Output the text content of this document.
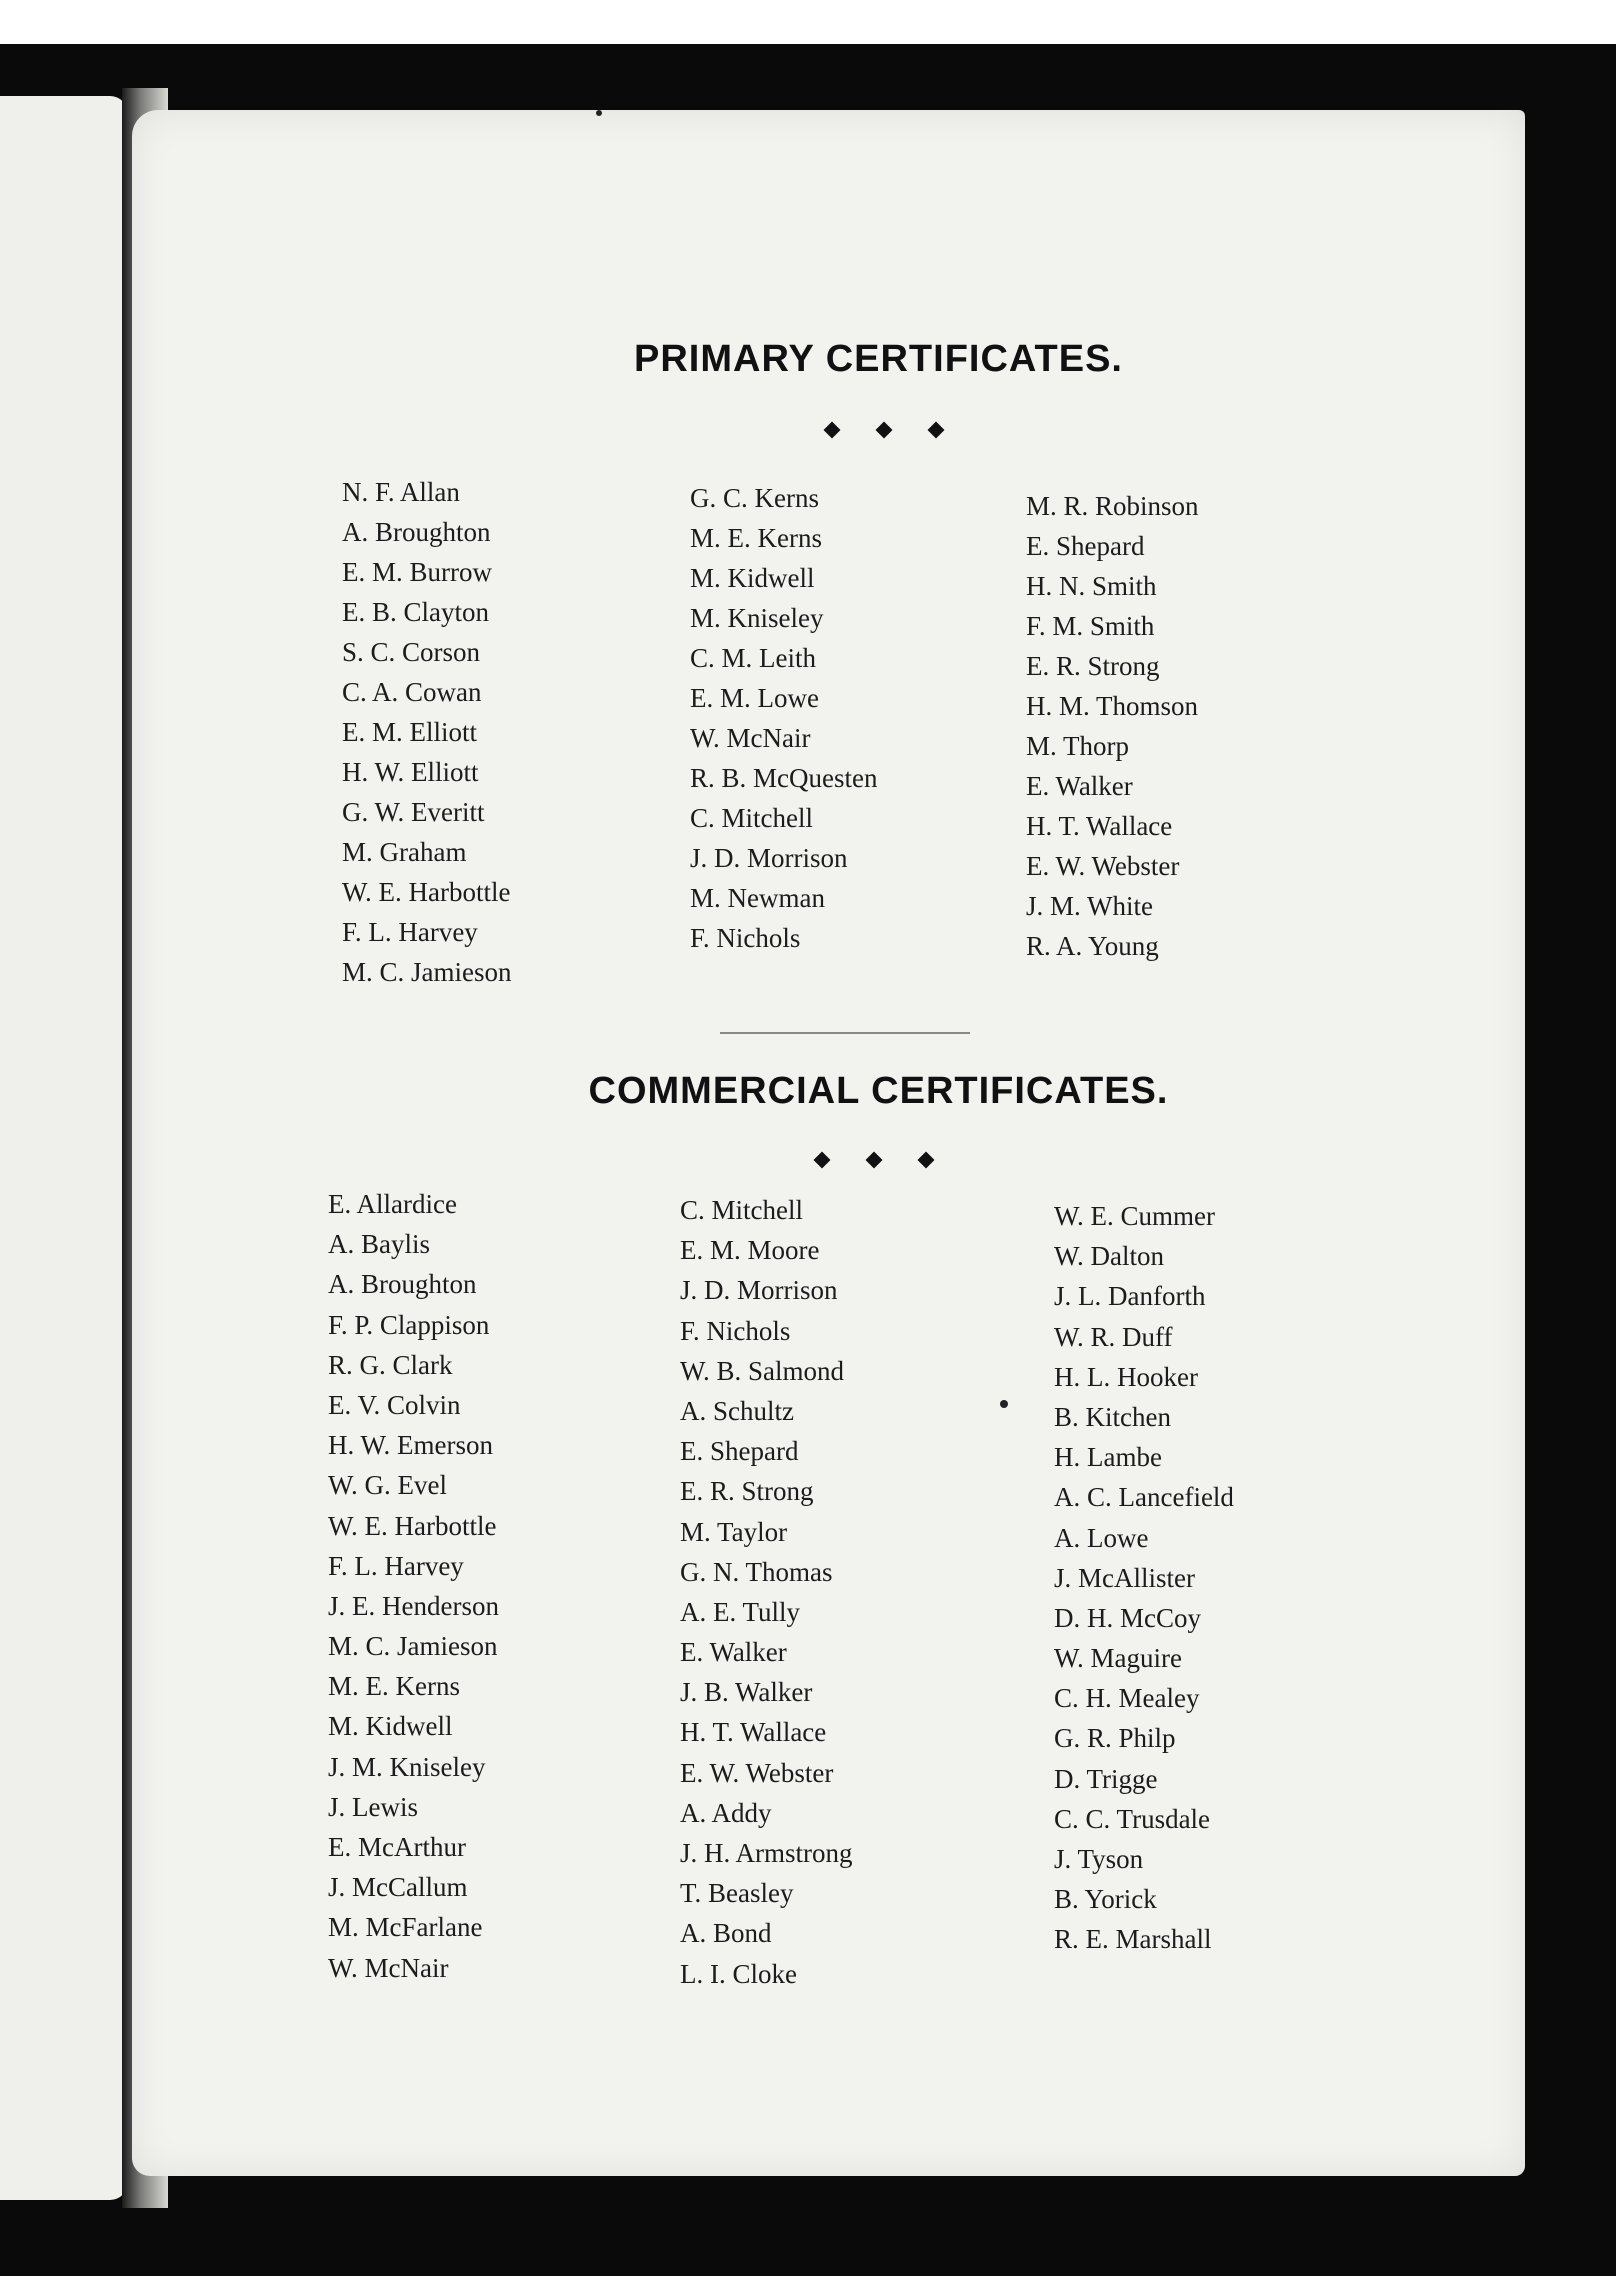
PRIMARY CERTIFICATES.
N. F. Allan
A. Broughton
E. M. Burrow
E. B. Clayton
S. C. Corson
C. A. Cowan
E. M. Elliott
H. W. Elliott
G. W. Everitt
M. Graham
W. E. Harbottle
F. L. Harvey
M. C. Jamieson
G. C. Kerns
M. E. Kerns
M. Kidwell
M. Kniseley
C. M. Leith
E. M. Lowe
W. McNair
R. B. McQuesten
C. Mitchell
J. D. Morrison
M. Newman
F. Nichols
M. R. Robinson
E. Shepard
H. N. Smith
F. M. Smith
E. R. Strong
H. M. Thomson
M. Thorp
E. Walker
H. T. Wallace
E. W. Webster
J. M. White
R. A. Young
COMMERCIAL CERTIFICATES.
E. Allardice
A. Baylis
A. Broughton
F. P. Clappison
R. G. Clark
E. V. Colvin
H. W. Emerson
W. G. Evel
W. E. Harbottle
F. L. Harvey
J. E. Henderson
M. C. Jamieson
M. E. Kerns
M. Kidwell
J. M. Kniseley
J. Lewis
E. McArthur
J. McCallum
M. McFarlane
W. McNair
C. Mitchell
E. M. Moore
J. D. Morrison
F. Nichols
W. B. Salmond
A. Schultz
E. Shepard
E. R. Strong
M. Taylor
G. N. Thomas
A. E. Tully
E. Walker
J. B. Walker
H. T. Wallace
E. W. Webster
A. Addy
J. H. Armstrong
T. Beasley
A. Bond
L. I. Cloke
W. E. Cummer
W. Dalton
J. L. Danforth
W. R. Duff
H. L. Hooker
B. Kitchen
H. Lambe
A. C. Lancefield
A. Lowe
J. McAllister
D. H. McCoy
W. Maguire
C. H. Mealey
G. R. Philp
D. Trigge
C. C. Trusdale
J. Tyson
B. Yorick
R. E. Marshall
